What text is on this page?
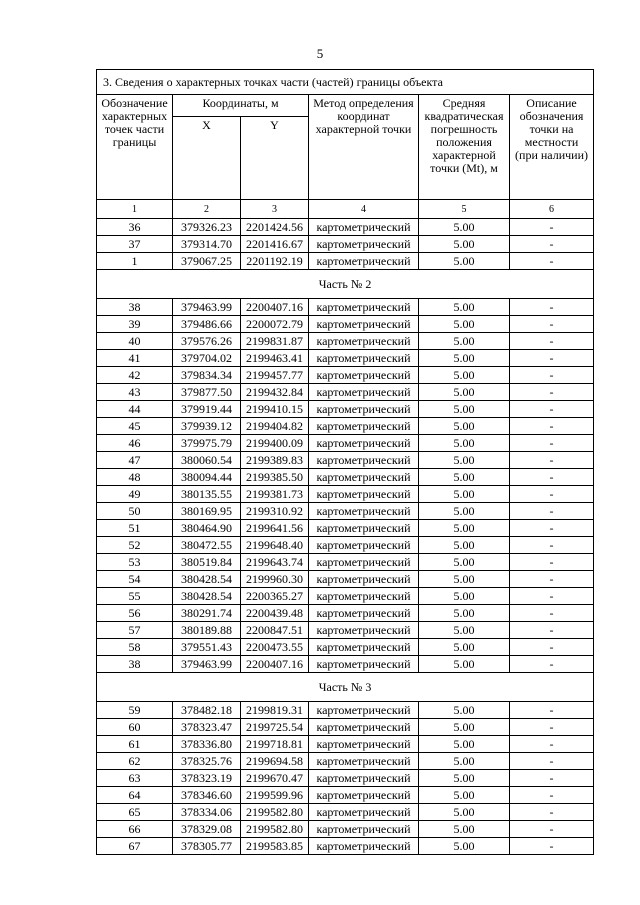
5
3. Сведения о характерных точках части (частей) границы объекта					
Обозначение характерных точек части границы	Координаты, м		Метод определения координат характерной точки	Средняя квадратическая погрешность положения характерной точки (Mt), м	Описание обозначения точки на местности (при наличии)
	X	Y			
1	2	3	4	5	6
36	379326.23	2201424.56	картометрический	5.00	-
37	379314.70	2201416.67	картометрический	5.00	-
1	379067.25	2201192.19	картометрический	5.00	-
Часть № 2					
38	379463.99	2200407.16	картометрический	5.00	-
39	379486.66	2200072.79	картометрический	5.00	-
40	379576.26	2199831.87	картометрический	5.00	-
41	379704.02	2199463.41	картометрический	5.00	-
42	379834.34	2199457.77	картометрический	5.00	-
43	379877.50	2199432.84	картометрический	5.00	-
44	379919.44	2199410.15	картометрический	5.00	-
45	379939.12	2199404.82	картометрический	5.00	-
46	379975.79	2199400.09	картометрический	5.00	-
47	380060.54	2199389.83	картометрический	5.00	-
48	380094.44	2199385.50	картометрический	5.00	-
49	380135.55	2199381.73	картометрический	5.00	-
50	380169.95	2199310.92	картометрический	5.00	-
51	380464.90	2199641.56	картометрический	5.00	-
52	380472.55	2199648.40	картометрический	5.00	-
53	380519.84	2199643.74	картометрический	5.00	-
54	380428.54	2199960.30	картометрический	5.00	-
55	380428.54	2200365.27	картометрический	5.00	-
56	380291.74	2200439.48	картометрический	5.00	-
57	380189.88	2200847.51	картометрический	5.00	-
58	379551.43	2200473.55	картометрический	5.00	-
38	379463.99	2200407.16	картометрический	5.00	-
Часть № 3					
59	378482.18	2199819.31	картометрический	5.00	-
60	378323.47	2199725.54	картометрический	5.00	-
61	378336.80	2199718.81	картометрический	5.00	-
62	378325.76	2199694.58	картометрический	5.00	-
63	378323.19	2199670.47	картометрический	5.00	-
64	378346.60	2199599.96	картометрический	5.00	-
65	378334.06	2199582.80	картометрический	5.00	-
66	378329.08	2199582.80	картометрический	5.00	-
67	378305.77	2199583.85	картометрический	5.00	-
